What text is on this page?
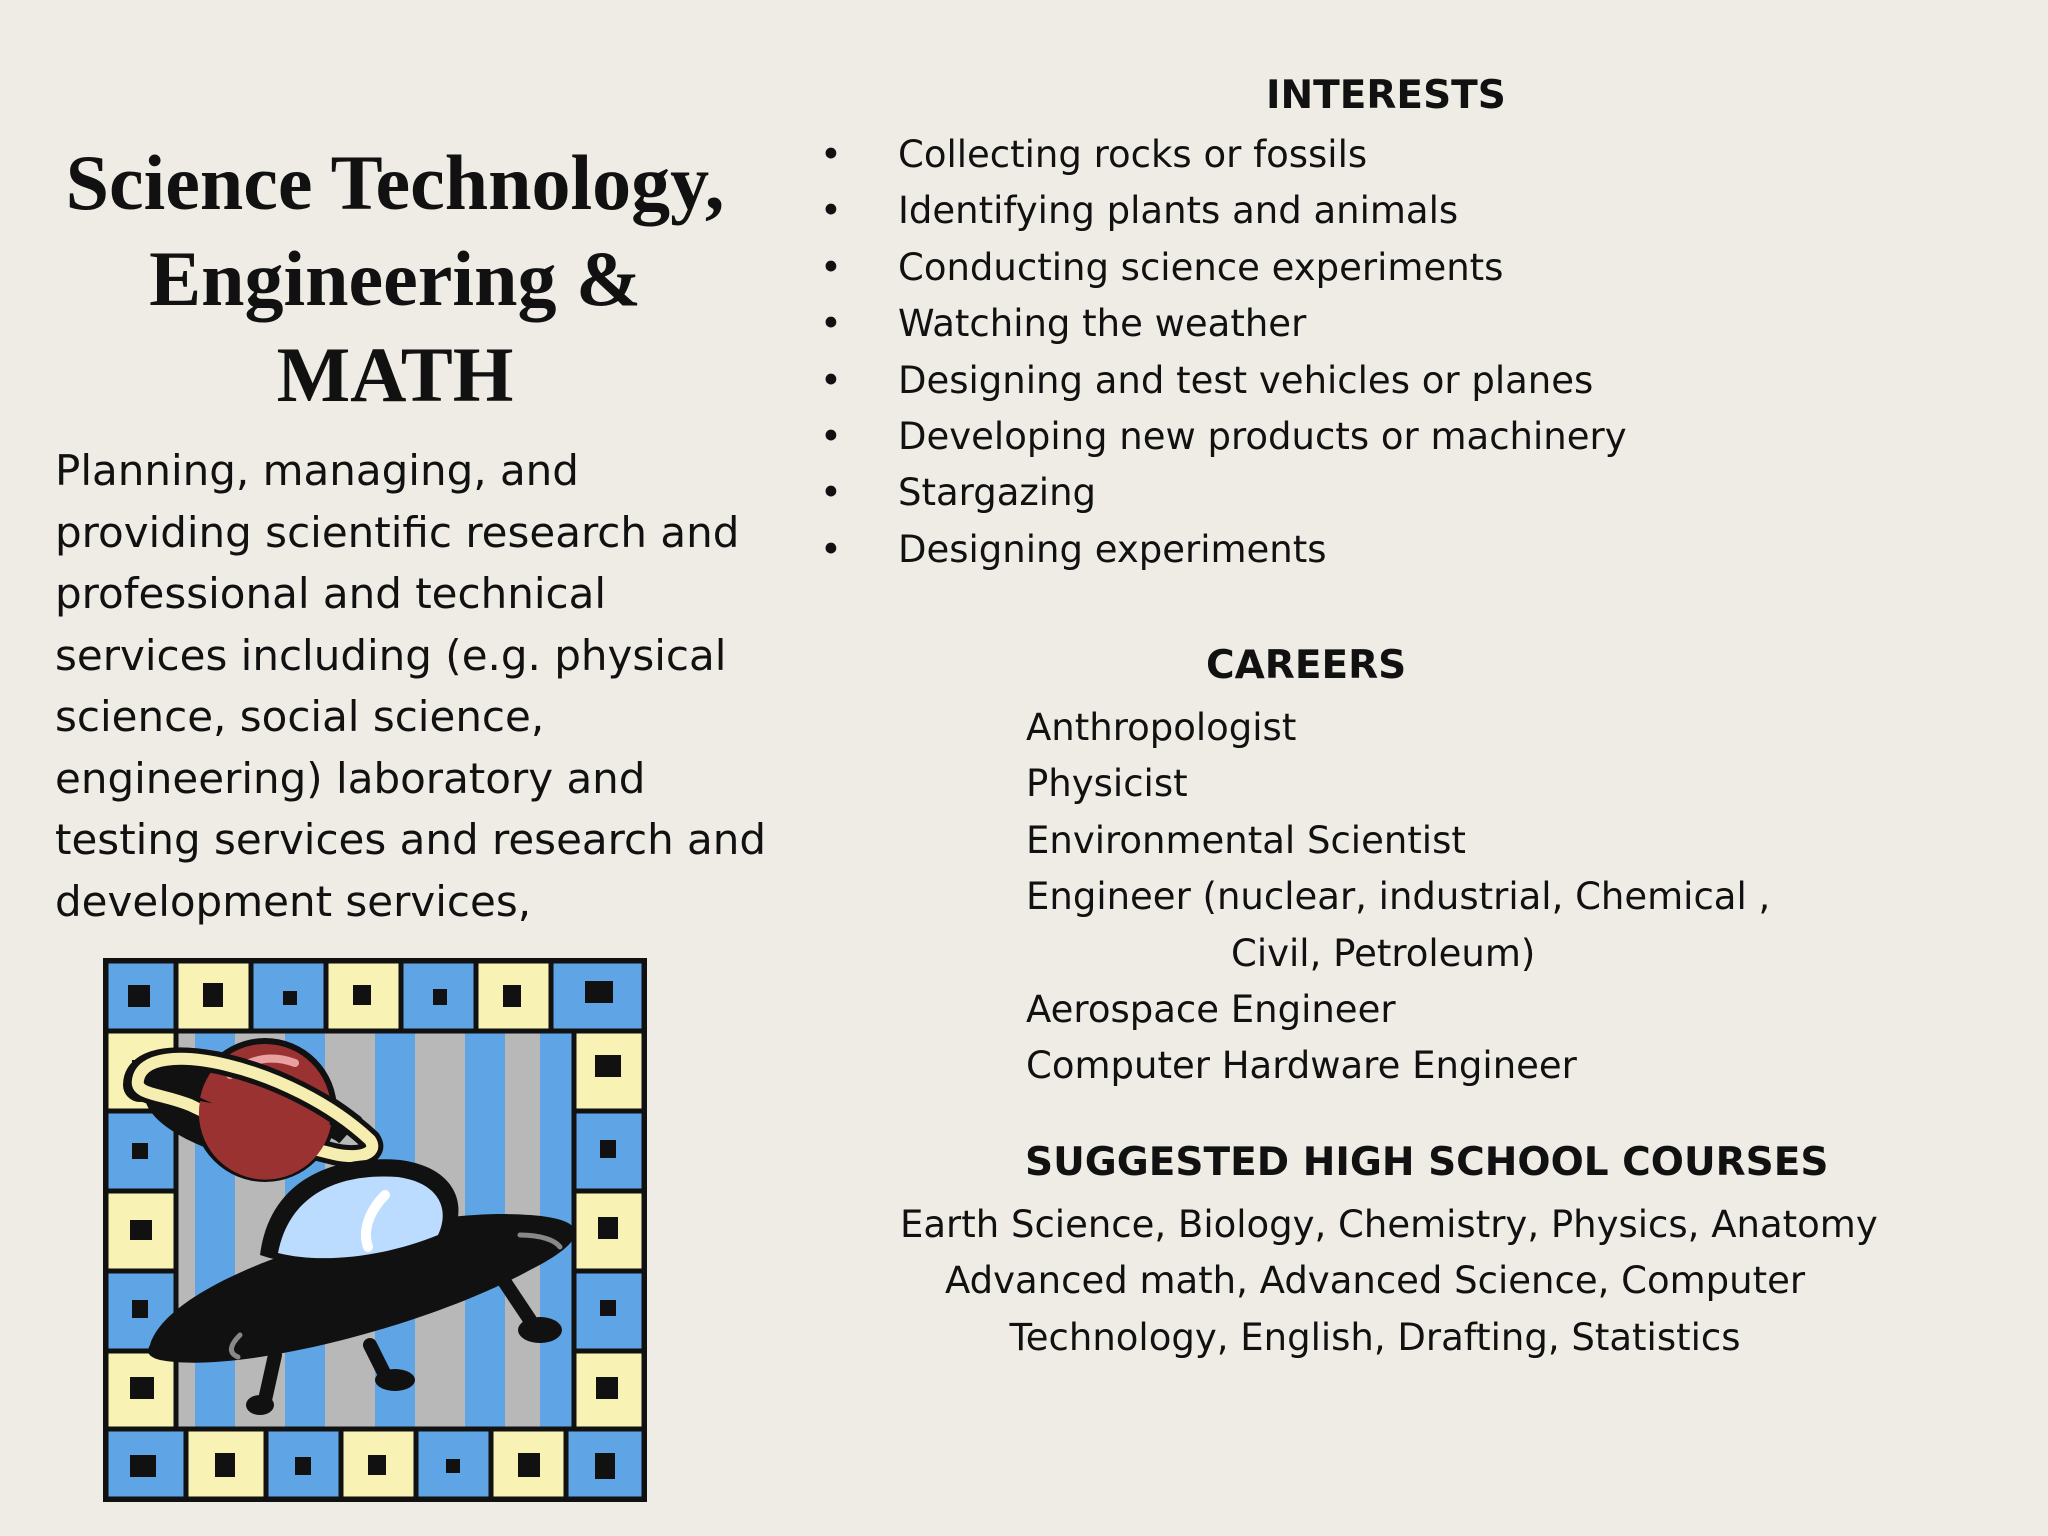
Science Technology,
Engineering &
MATH

Planning, managing, and
providing scientific research and
professional and technical
services including (e.g. physical
science, social science,
engineering) laboratory and
testing services and research and
development services,

INTERESTS
• Collecting rocks or fossils
• Identifying plants and animals
• Conducting science experiments
• Watching the weather
• Designing and test vehicles or planes
• Developing new products or machinery
• Stargazing
• Designing experiments
CAREERS
Anthropologist
Physicist
Environmental Scientist
Engineer (nuclear, industrial, Chemical ,
Civil, Petroleum)
Aerospace Engineer
Computer Hardware Engineer
SUGGESTED HIGH SCHOOL COURSES

Earth Science, Biology, Chemistry, Physics, Anatomy
Advanced math, Advanced Science, Computer
Technology, English, Drafting, Statistics
